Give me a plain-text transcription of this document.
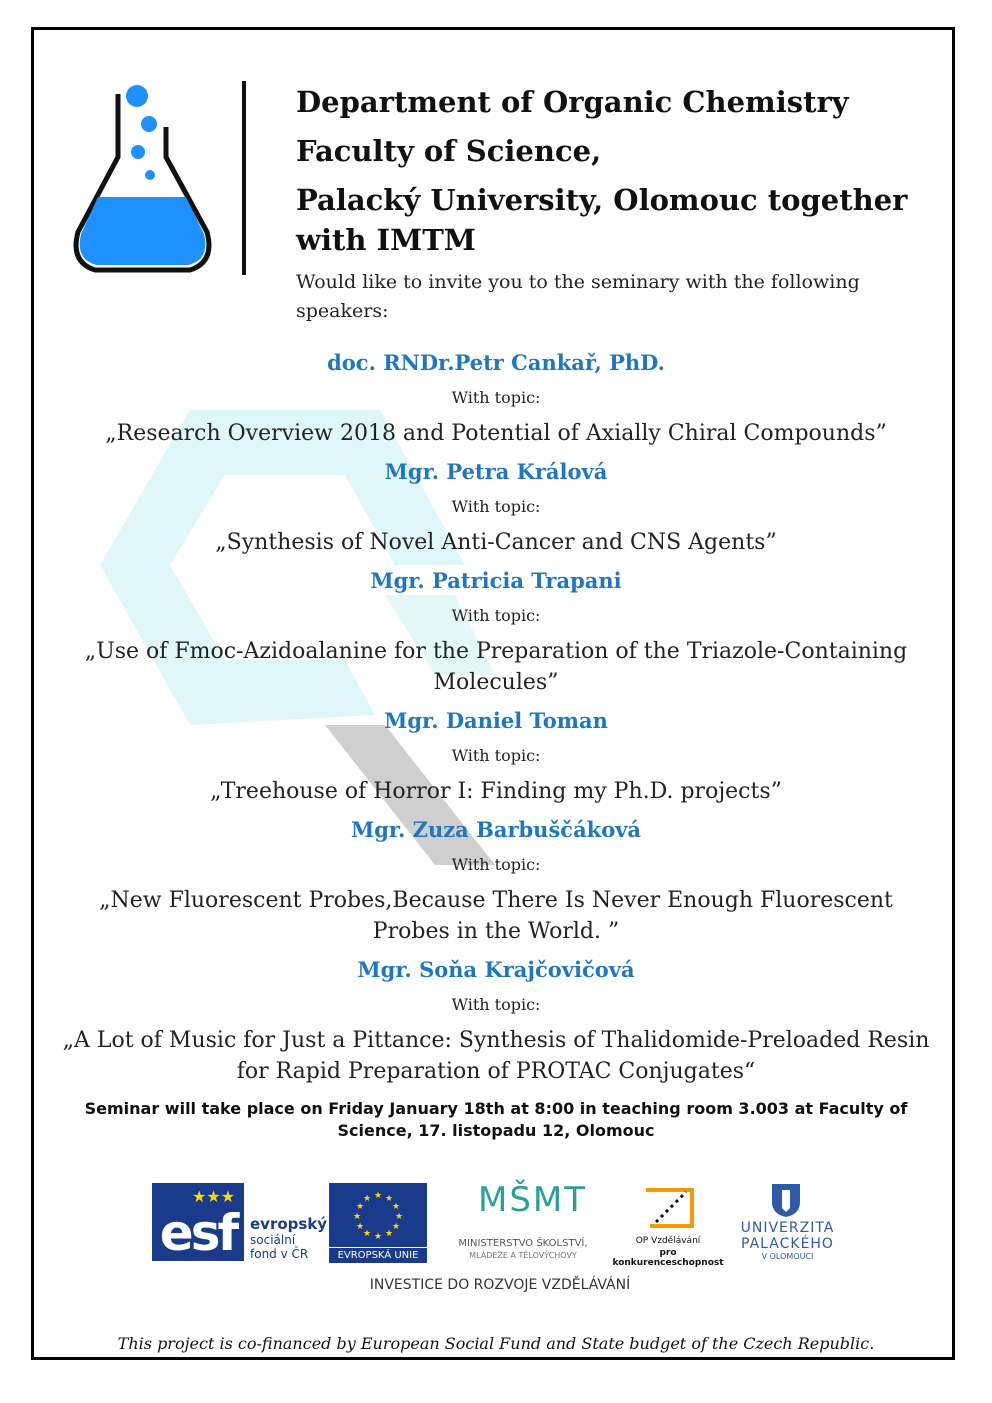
Department of Organic Chemistry
Faculty of Science,
Palacký University, Olomouc together
with IMTM
Would like to invite you to the seminary with the following speakers:
doc. RNDr.Petr Cankař, PhD.
With topic:
„Research Overview 2018 and Potential of Axially Chiral Compounds”
Mgr. Petra Králová
With topic:
„Synthesis of Novel Anti-Cancer and CNS Agents”
Mgr. Patricia Trapani
With topic:
„Use of Fmoc-Azidoalanine for the Preparation of the Triazole-Containing Molecules”
Mgr. Daniel Toman
With topic:
„Treehouse of Horror I: Finding my Ph.D. projects”
Mgr. Zuza Barbuščáková
With topic:
„New Fluorescent Probes,Because There Is Never Enough Fluorescent Probes in the World. ”
Mgr. Soňa Krajčovičová
With topic:
„A Lot of Music for Just a Pittance: Synthesis of Thalidomide-Preloaded Resin for Rapid Preparation of PROTAC Conjugates“
Seminar will take place on Friday January 18th at 8:00 in teaching room 3.003 at Faculty of Science, 17. listopadu 12, Olomouc
esf
★★★
evropský
sociální
fond v ČR
★ ★
★
★
★
★
★
★
★
★
★
★
EVROPSKÁ UNIE
MŠMT
MINISTERSTVO ŠKOLSTVÍ,
MLÁDEŽE A TĚLOVÝCHOVY
OP Vzdělávání
pro konkurenceschopnost
UNIVERZITA
PALACKÉHO
V OLOMOUCI
INVESTICE DO ROZVOJE VZDĚLÁVÁNÍ
This project is co-financed by European Social Fund and State budget of the Czech Republic.
